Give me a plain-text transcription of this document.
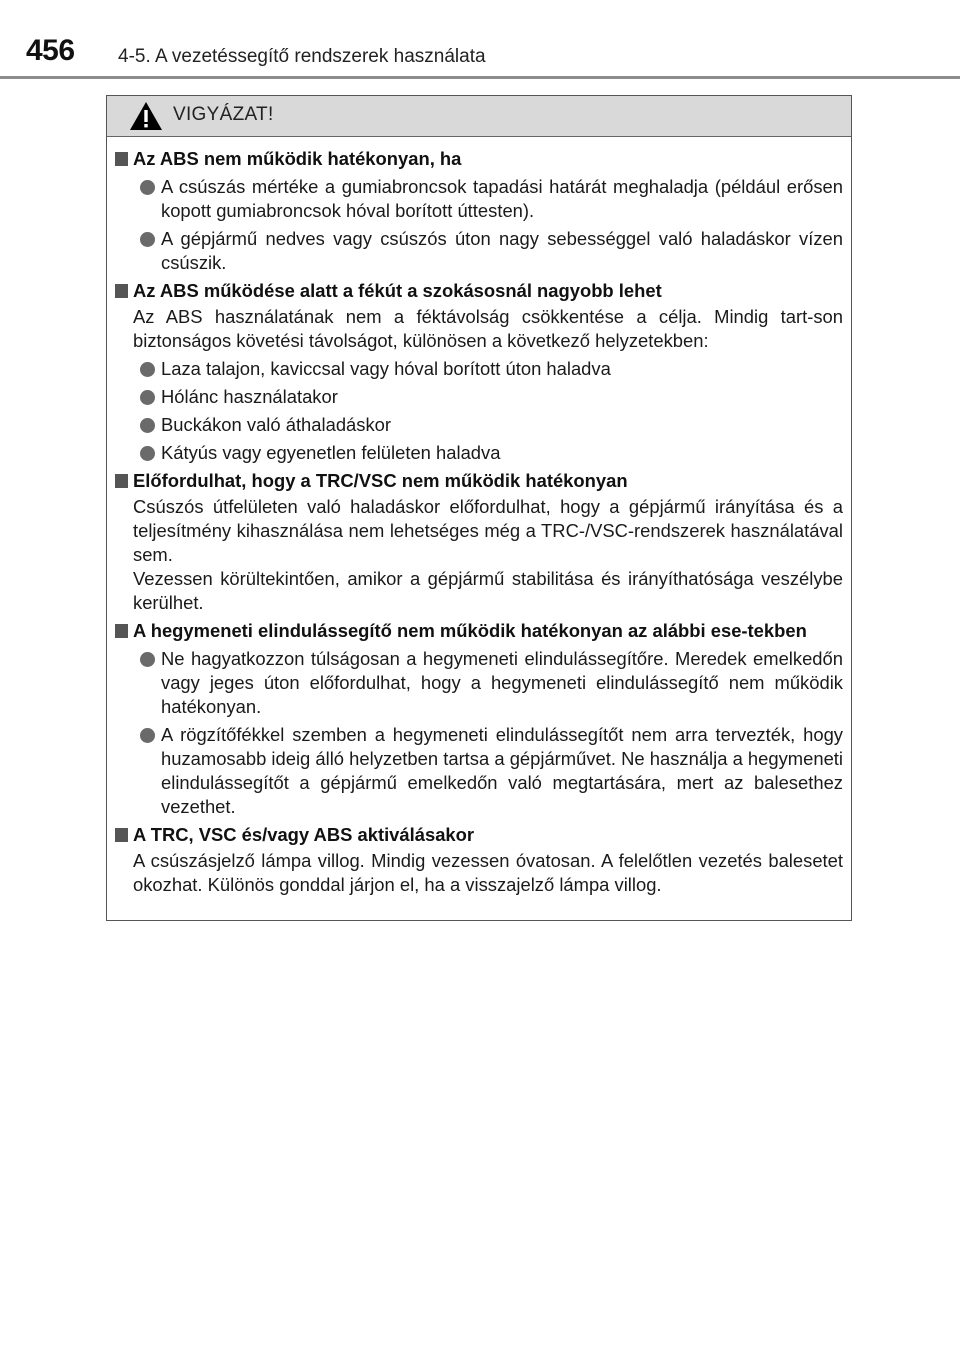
456 4-5. A vezetéssegítő rendszerek használata
VIGYÁZAT!
Az ABS nem működik hatékonyan, ha
A csúszás mértéke a gumiabroncsok tapadási határát meghaladja (például erősen kopott gumiabroncsok hóval borított úttesten).
A gépjármű nedves vagy csúszós úton nagy sebességgel való haladáskor vízen csúszik.
Az ABS működése alatt a fékút a szokásosnál nagyobb lehet
Az ABS használatának nem a féktávolság csökkentése a célja. Mindig tart-son biztonságos követési távolságot, különösen a következő helyzetekben:
Laza talajon, kaviccsal vagy hóval borított úton haladva
Hólánc használatakor
Buckákon való áthaladáskor
Kátyús vagy egyenetlen felületen haladva
Előfordulhat, hogy a TRC/VSC nem működik hatékonyan
Csúszós útfelületen való haladáskor előfordulhat, hogy a gépjármű irányítása és a teljesítmény kihasználása nem lehetséges még a TRC-/VSC-rendszerek használatával sem.
Vezessen körültekintően, amikor a gépjármű stabilitása és irányíthatósága veszélybe kerülhet.
A hegymeneti elindulássegítő nem működik hatékonyan az alábbi ese-tekben
Ne hagyatkozzon túlságosan a hegymeneti elindulássegítőre. Meredek emelkedőn vagy jeges úton előfordulhat, hogy a hegymeneti elindulássegítő nem működik hatékonyan.
A rögzítőfékkel szemben a hegymeneti elindulássegítőt nem arra tervezték, hogy huzamosabb ideig álló helyzetben tartsa a gépjárművet. Ne használja a hegymeneti elindulássegítőt a gépjármű emelkedőn való megtartására, mert az balesethez vezethet.
A TRC, VSC és/vagy ABS aktiválásakor
A csúszásjelző lámpa villog. Mindig vezessen óvatosan. A felelőtlen vezetés balesetet okozhat. Különös gonddal járjon el, ha a visszajelző lámpa villog.
